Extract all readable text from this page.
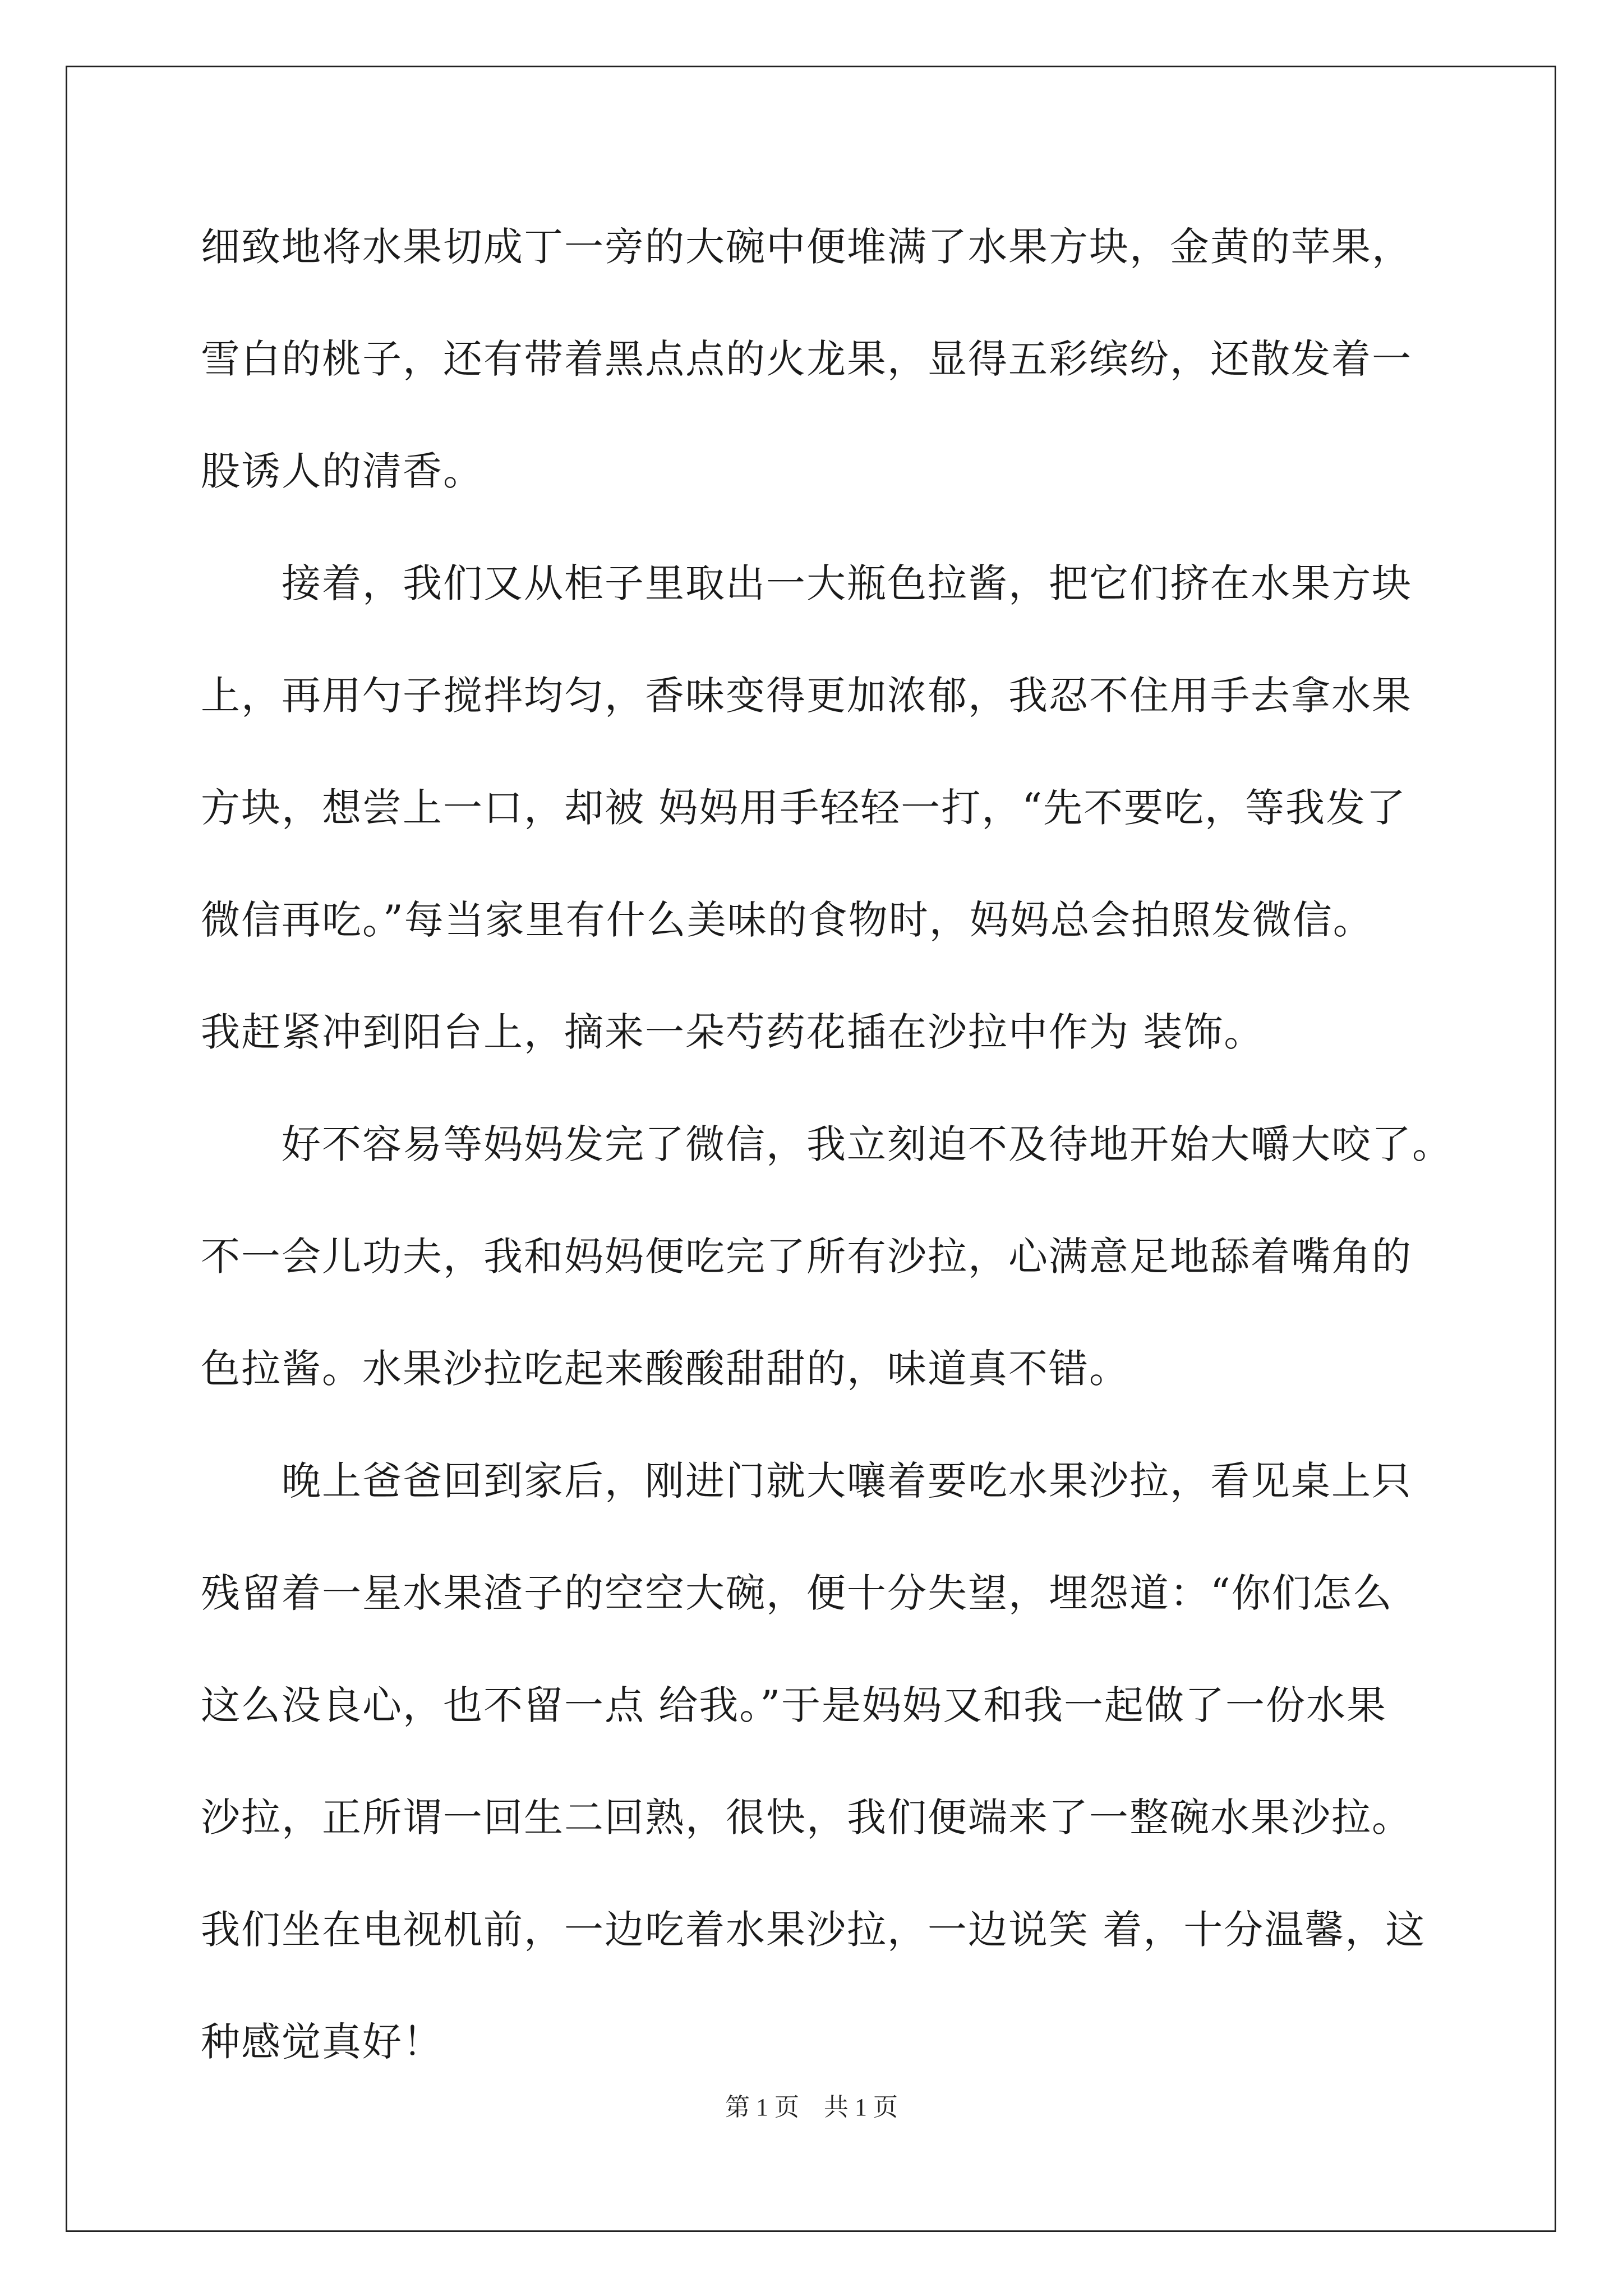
细致地将水果切成丁一旁的大碗中便堆满了水果方块，金黄的苹果，
雪白的桃子，还有带着黑点点的火龙果，显得五彩缤纷，还散发着一
股诱人的清香。
　　接着，我们又从柜子里取出一大瓶色拉酱，把它们挤在水果方块
上，再用勺子搅拌均匀，香味变得更加浓郁，我忍不住用手去拿水果
方块，想尝上一口，却被 妈妈用手轻轻一打，“先不要吃，等我发了
微信再吃。”每当家里有什么美味的食物时，妈妈总会拍照发微信。
我赶紧冲到阳台上，摘来一朵芍药花插在沙拉中作为 装饰。
　　好不容易等妈妈发完了微信，我立刻迫不及待地开始大嚼大咬了。
不一会儿功夫，我和妈妈便吃完了所有沙拉，心满意足地舔着嘴角的
色拉酱。水果沙拉吃起来酸酸甜甜的，味道真不错。
　　晚上爸爸回到家后，刚进门就大嚷着要吃水果沙拉，看见桌上只
残留着一星水果渣子的空空大碗，便十分失望，埋怨道：“你们怎么
这么没良心，也不留一点 给我。”于是妈妈又和我一起做了一份水果
沙拉，正所谓一回生二回熟，很快，我们便端来了一整碗水果沙拉。
我们坐在电视机前，一边吃着水果沙拉，一边说笑 着，十分温馨，这
种感觉真好！
第 1 页　共 1 页
